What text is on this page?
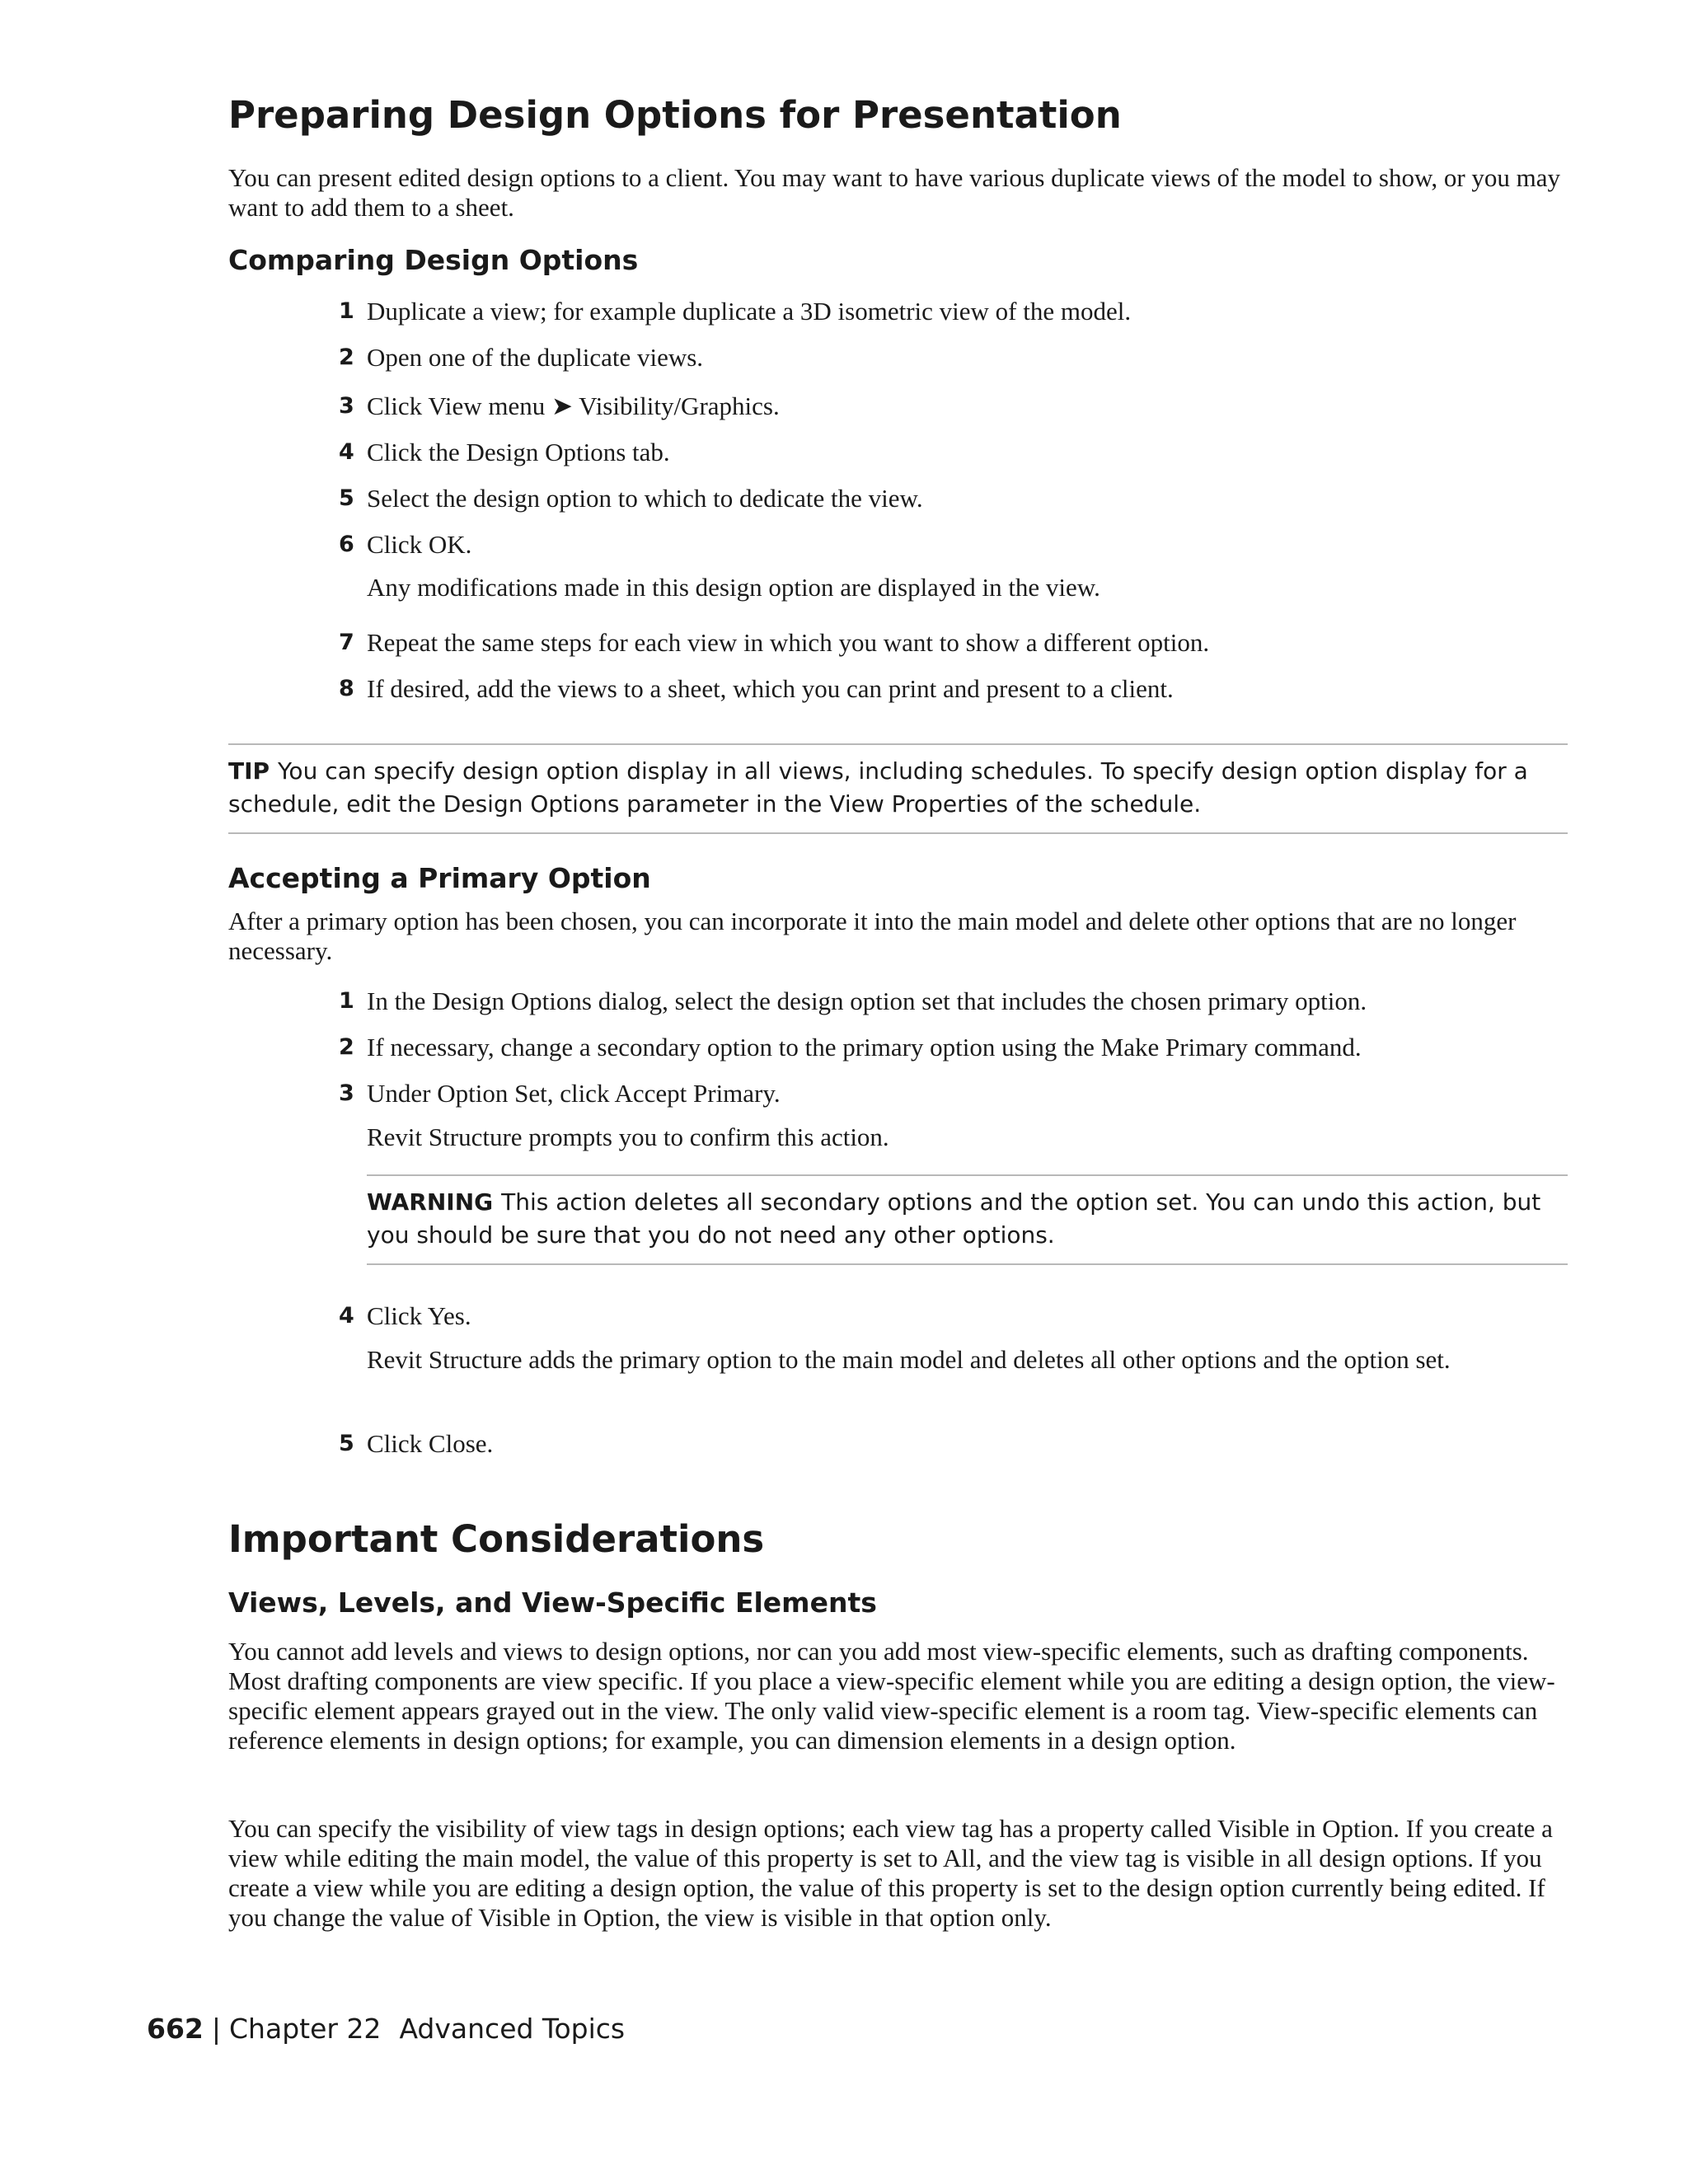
Preparing Design Options for Presentation

You can present edited design options to a client. You may want to have various duplicate views of the model to show, or you may want to add them to a sheet.

Comparing Design Options
1 Duplicate a view; for example duplicate a 3D isometric view of the model.
2 Open one of the duplicate views.
3 Click View menu ➤ Visibility/Graphics.
4 Click the Design Options tab.
5 Select the design option to which to dedicate the view.
6 Click OK.
Any modifications made in this design option are displayed in the view.
7 Repeat the same steps for each view in which you want to show a different option.
8 If desired, add the views to a sheet, which you can print and present to a client.
TIP You can specify design option display in all views, including schedules. To specify design option display for a schedule, edit the Design Options parameter in the View Properties of the schedule.
Accepting a Primary Option

After a primary option has been chosen, you can incorporate it into the main model and delete other options that are no longer necessary.

1 In the Design Options dialog, select the design option set that includes the chosen primary option.
2 If necessary, change a secondary option to the primary option using the Make Primary command.
3 Under Option Set, click Accept Primary.
Revit Structure prompts you to confirm this action.
WARNING This action deletes all secondary options and the option set. You can undo this action, but you should be sure that you do not need any other options.
4 Click Yes.
Revit Structure adds the primary option to the main model and deletes all other options and the option set.
5 Click Close.
Important Considerations
Views, Levels, and View-Specific Elements

You cannot add levels and views to design options, nor can you add most view-specific elements, such as drafting components. Most drafting components are view specific. If you place a view-specific element while you are editing a design option, the view-specific element appears grayed out in the view. The only valid view-specific element is a room tag. View-specific elements can reference elements in design options; for example, you can dimension elements in a design option.

You can specify the visibility of view tags in design options; each view tag has a property called Visible in Option. If you create a view while editing the main model, the value of this property is set to All, and the view tag is visible in all design options. If you create a view while you are editing a design option, the value of this property is set to the design option currently being edited. If you change the value of Visible in Option, the view is visible in that option only.

662 | Chapter 22 Advanced Topics
